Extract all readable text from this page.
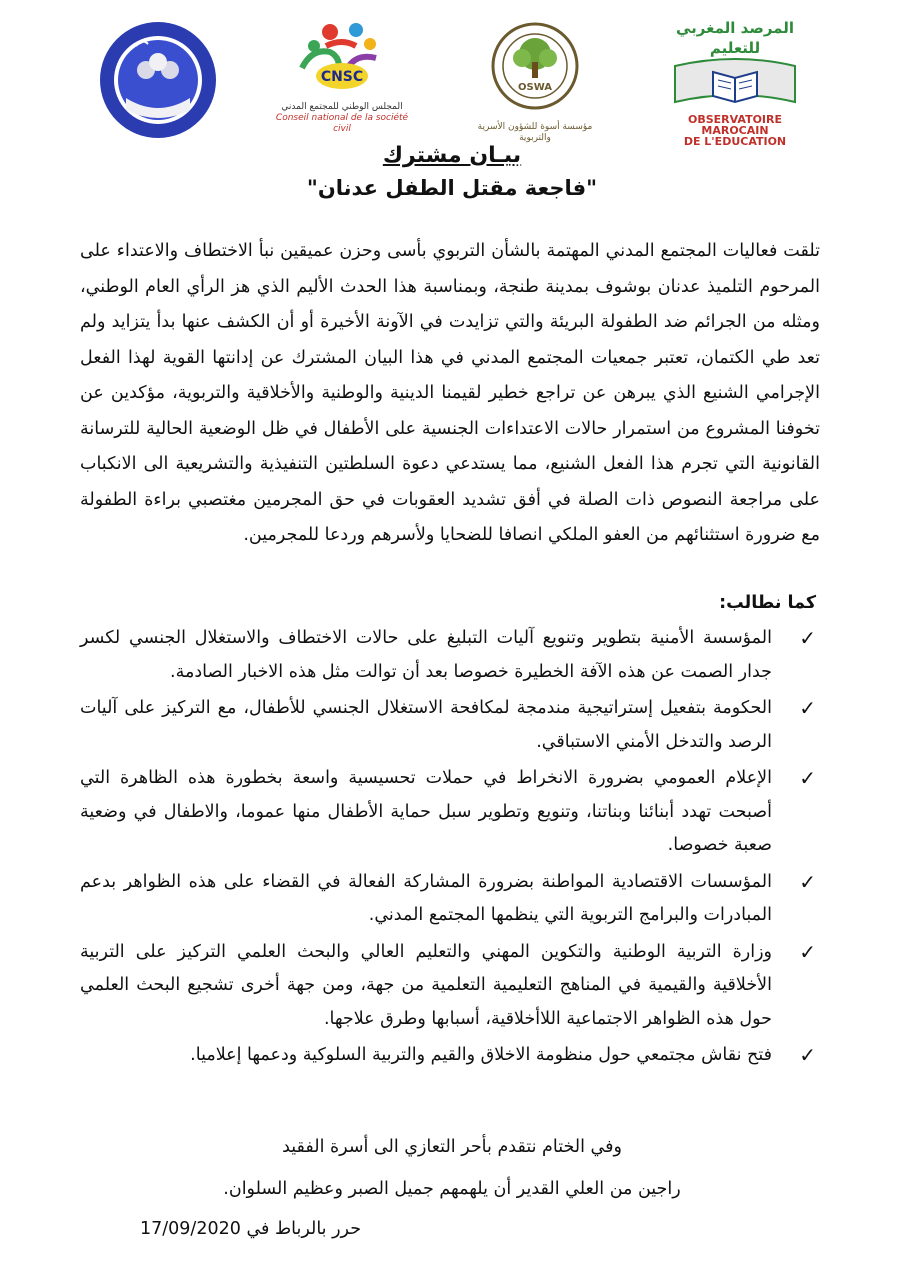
CNSC
المجلس الوطني للمجتمع المدني
Conseil national de la société civil
OSWA
مؤسسة أسوة للشؤون الأسرية والتربوية
المرصد المغربي للتعليم
OBSERVATOIRE MAROCAIN
DE L'EDUCATION
بيـان مشترك
"فاجعة مقتل الطفل عدنان"

تلقت فعاليات المجتمع المدني المهتمة بالشأن التربوي بأسى وحزن عميقين نبأ الاختطاف والاعتداء على المرحوم التلميذ عدنان بوشوف بمدينة طنجة، وبمناسبة هذا الحدث الأليم الذي هز الرأي العام الوطني، ومثله من الجرائم ضد الطفولة البريئة والتي تزايدت في الآونة الأخيرة أو أن الكشف عنها بدأ يتزايد ولم تعد طي الكتمان، تعتبر جمعيات المجتمع المدني في هذا البيان المشترك عن إدانتها القوية لهذا الفعل الإجرامي الشنيع الذي يبرهن عن تراجع خطير لقيمنا الدينية والوطنية والأخلاقية والتربوية، مؤكدين عن تخوفنا المشروع من استمرار حالات الاعتداءات الجنسية على الأطفال في ظل الوضعية الحالية للترسانة القانونية التي تجرم هذا الفعل الشنيع، مما يستدعي دعوة السلطتين التنفيذية والتشريعية الى الانكباب على مراجعة النصوص ذات الصلة في أفق تشديد العقوبات في حق المجرمين مغتصبي براءة الطفولة مع ضرورة استثنائهم من العفو الملكي انصافا للضحايا ولأسرهم وردعا للمجرمين.

كما نطالب:
✓
المؤسسة الأمنية بتطوير وتنويع آليات التبليغ على حالات الاختطاف والاستغلال الجنسي لكسر جدار الصمت عن هذه الآفة الخطيرة خصوصا بعد أن توالت مثل هذه الاخبار الصادمة.
✓
الحكومة بتفعيل إستراتيجية مندمجة لمكافحة الاستغلال الجنسي للأطفال، مع التركيز على آليات الرصد والتدخل الأمني الاستباقي.
✓
الإعلام العمومي بضرورة الانخراط في حملات تحسيسية واسعة بخطورة هذه الظاهرة التي أصبحت تهدد أبنائنا وبناتنا، وتنويع وتطوير سبل حماية الأطفال منها عموما، والاطفال في وضعية صعبة خصوصا.
✓
المؤسسات الاقتصادية المواطنة بضرورة المشاركة الفعالة في القضاء على هذه الظواهر بدعم المبادرات والبرامج التربوية التي ينظمها المجتمع المدني.
✓
وزارة التربية الوطنية والتكوين المهني والتعليم العالي والبحث العلمي التركيز على التربية الأخلاقية والقيمية في المناهج التعليمية التعلمية من جهة، ومن جهة أخرى تشجيع البحث العلمي حول هذه الظواهر الاجتماعية اللاأخلاقية، أسبابها وطرق علاجها.
✓
فتح نقاش مجتمعي حول منظومة الاخلاق والقيم والتربية السلوكية ودعمها إعلاميا.
وفي الختام نتقدم بأحر التعازي الى أسرة الفقيد
راجين من العلي القدير أن يلهمهم جميل الصبر وعظيم السلوان.
حرر بالرباط في 17/09/2020
